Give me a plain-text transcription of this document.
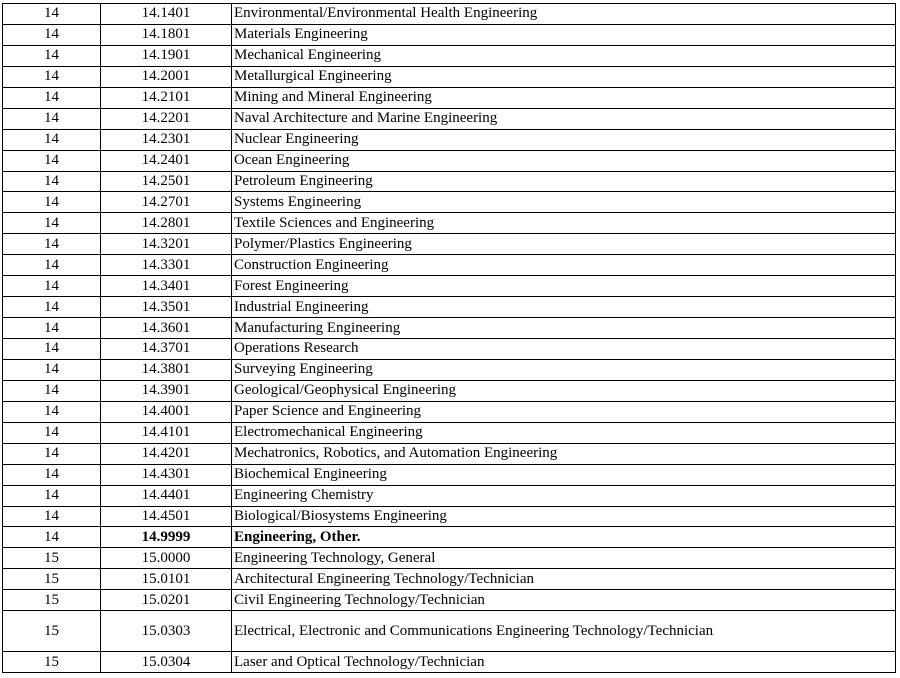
14	14.1401	Environmental/Environmental Health Engineering
14	14.1801	Materials Engineering
14	14.1901	Mechanical Engineering
14	14.2001	Metallurgical Engineering
14	14.2101	Mining and Mineral Engineering
14	14.2201	Naval Architecture and Marine Engineering
14	14.2301	Nuclear Engineering
14	14.2401	Ocean Engineering
14	14.2501	Petroleum Engineering
14	14.2701	Systems Engineering
14	14.2801	Textile Sciences and Engineering
14	14.3201	Polymer/Plastics Engineering
14	14.3301	Construction Engineering
14	14.3401	Forest Engineering
14	14.3501	Industrial Engineering
14	14.3601	Manufacturing Engineering
14	14.3701	Operations Research
14	14.3801	Surveying Engineering
14	14.3901	Geological/Geophysical Engineering
14	14.4001	Paper Science and Engineering
14	14.4101	Electromechanical Engineering
14	14.4201	Mechatronics, Robotics, and Automation Engineering
14	14.4301	Biochemical Engineering
14	14.4401	Engineering Chemistry
14	14.4501	Biological/Biosystems Engineering
14	14.9999	Engineering, Other.
15	15.0000	Engineering Technology, General
15	15.0101	Architectural Engineering Technology/Technician
15	15.0201	Civil Engineering Technology/Technician
15	15.0303	Electrical, Electronic and Communications Engineering Technology/Technician
15	15.0304	Laser and Optical Technology/Technician
